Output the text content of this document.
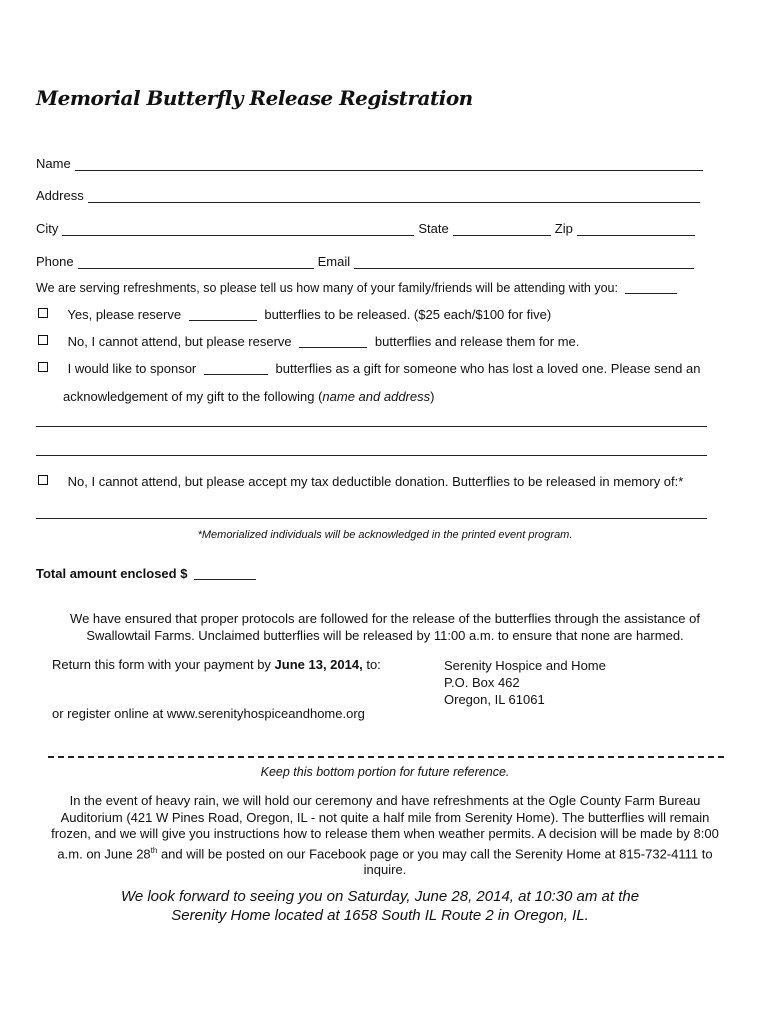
Memorial Butterfly Release Registration
Name
Address
City	State	Zip
Phone	Email
We are serving refreshments, so please tell us how many of your family/friends will be attending with you:
Yes, please reserve	butterflies to be released. ($25 each/$100 for five)
No, I cannot attend, but please reserve	butterflies and release them for me.
I would like to sponsor	butterflies as a gift for someone who has lost a loved one. Please send an
acknowledgement of my gift to the following (name and address)
No, I cannot attend, but please accept my tax deductible donation. Butterflies to be released in memory of:*
*Memorialized individuals will be acknowledged in the printed event program.
Total amount enclosed $
We have ensured that proper protocols are followed for the release of the butterflies through the assistance of Swallowtail Farms. Unclaimed butterflies will be released by 11:00 a.m. to ensure that none are harmed.
Return this form with your payment by June 13, 2014, to:	Serenity Hospice and Home
P.O. Box 462
Oregon, IL 61061
or register online at www.serenityhospiceandhome.org
Keep this bottom portion for future reference.
In the event of heavy rain, we will hold our ceremony and have refreshments at the Ogle County Farm Bureau Auditorium (421 W Pines Road, Oregon, IL - not quite a half mile from Serenity Home). The butterflies will remain frozen, and we will give you instructions how to release them when weather permits. A decision will be made by 8:00 a.m. on June 28th and will be posted on our Facebook page or you may call the Serenity Home at 815-732-4111 to inquire.
We look forward to seeing you on Saturday, June 28, 2014, at 10:30 am at the
Serenity Home located at 1658 South IL Route 2 in Oregon, IL.
